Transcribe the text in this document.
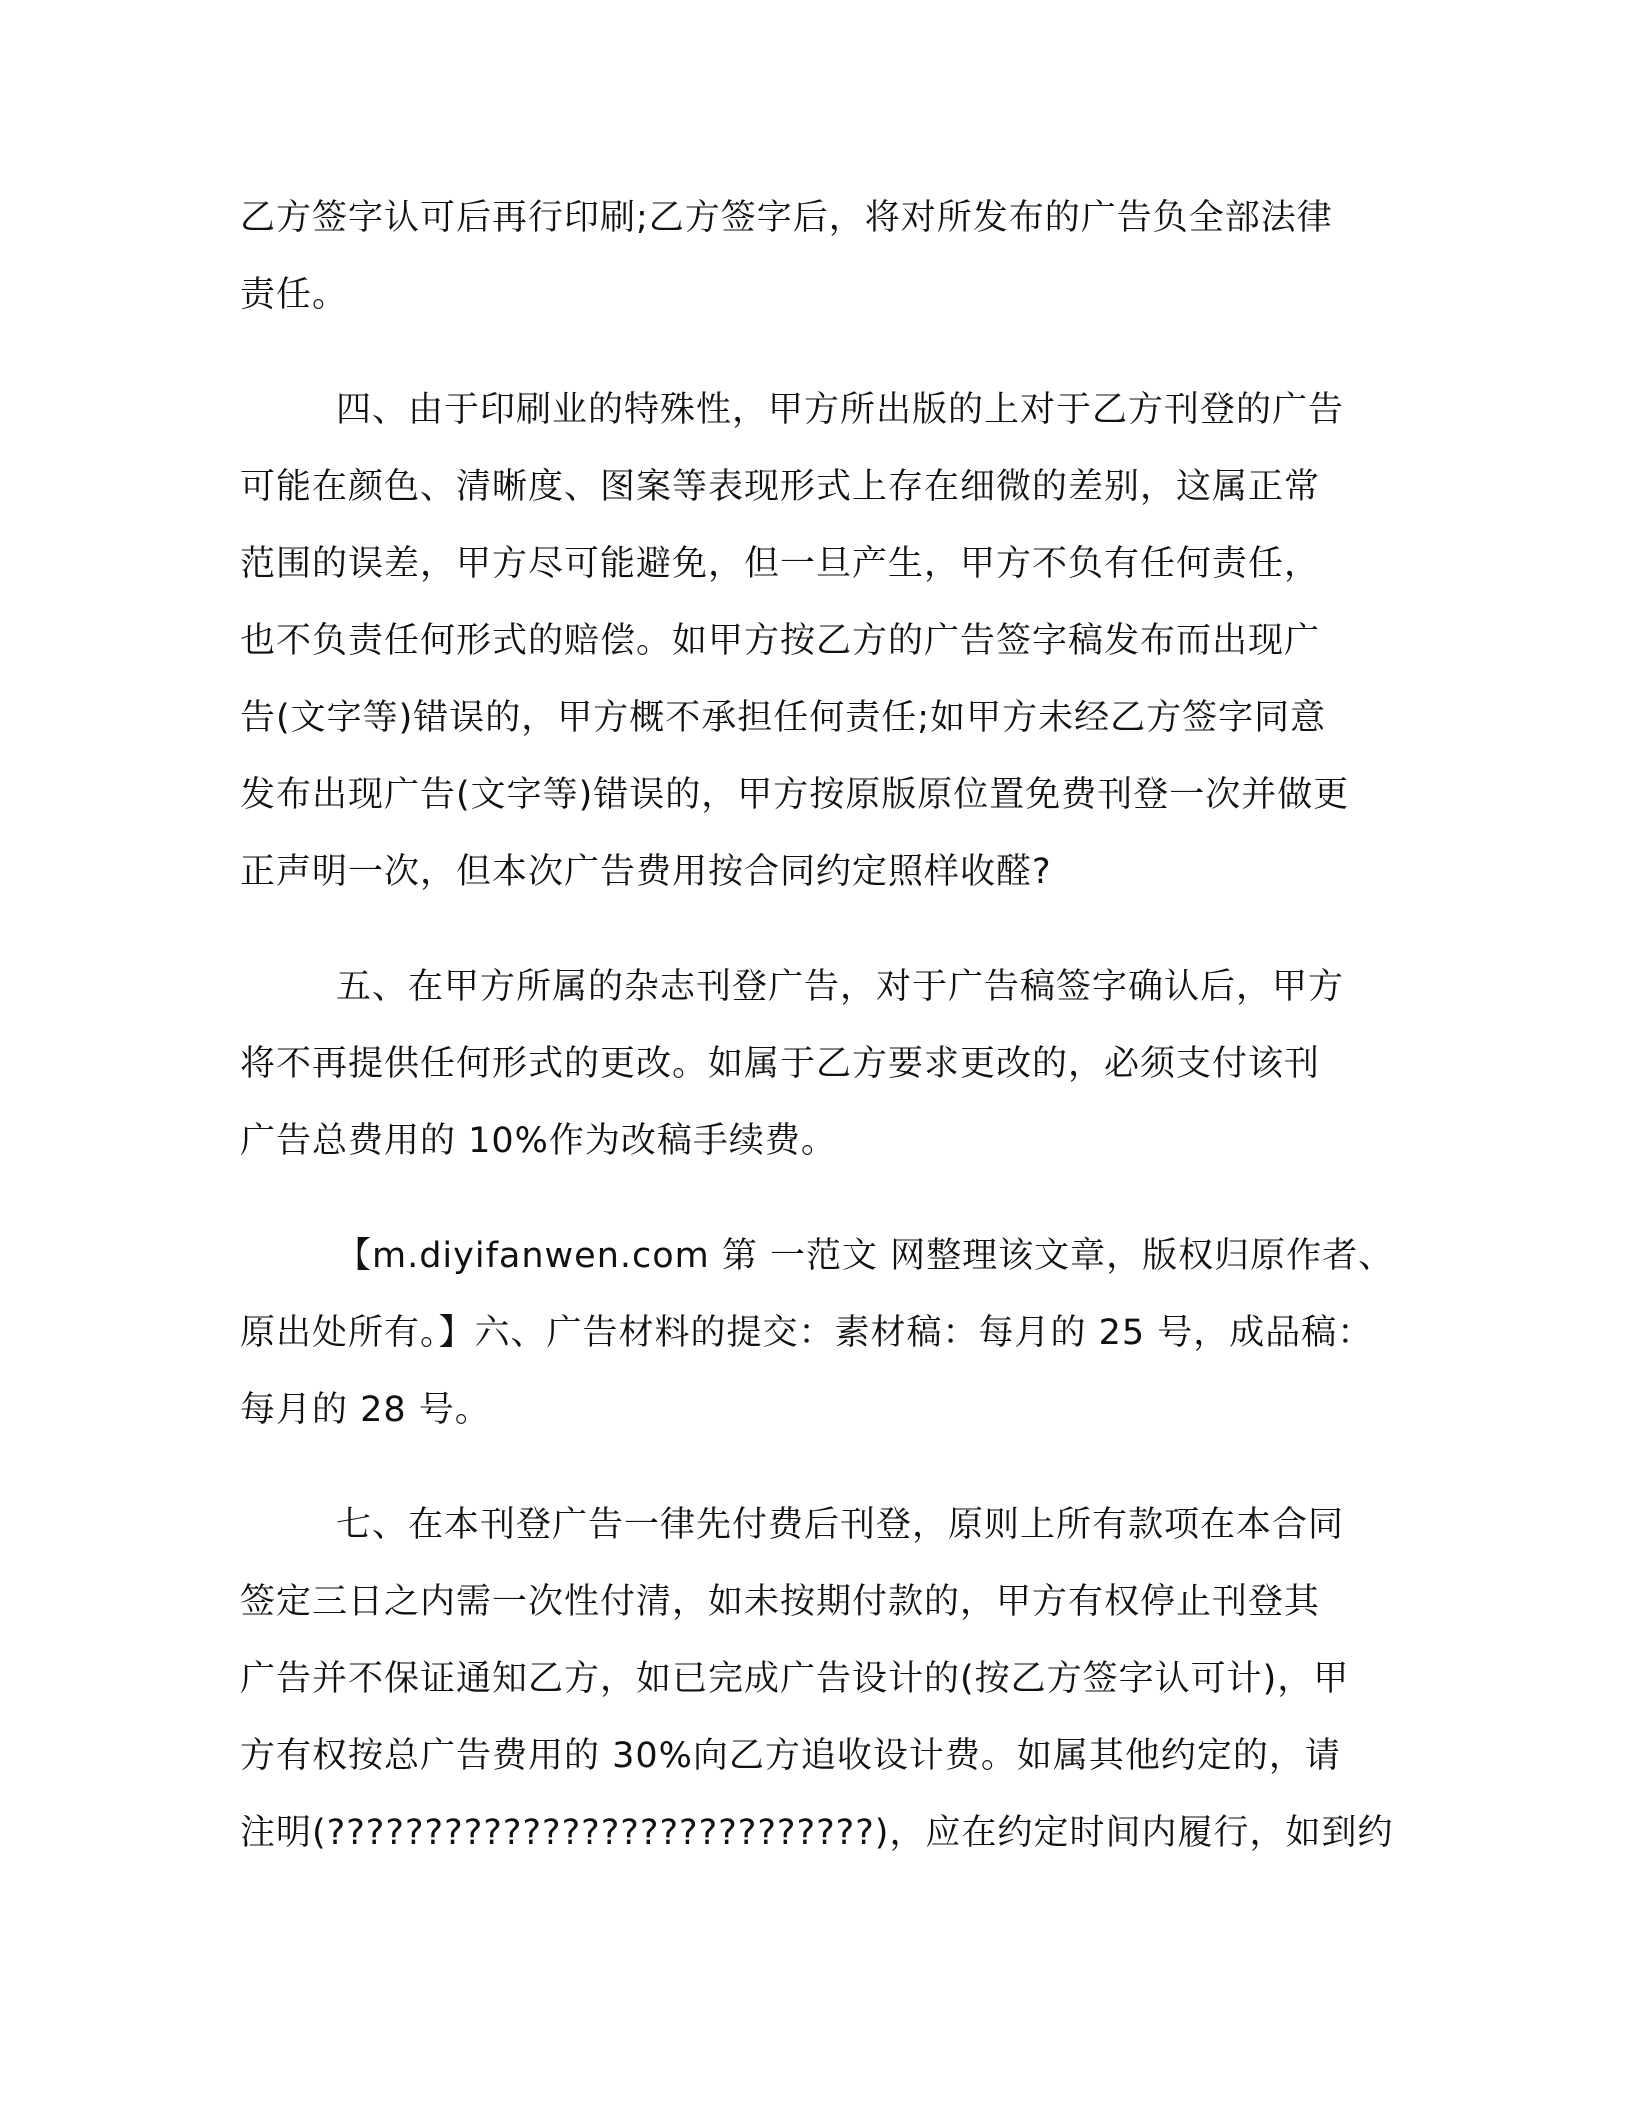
乙方签字认可后再行印刷;乙方签字后，将对所发布的广告负全部法律
责任。

四、由于印刷业的特殊性，甲方所出版的上对于乙方刊登的广告
可能在颜色、清晰度、图案等表现形式上存在细微的差别，这属正常
范围的误差，甲方尽可能避免，但一旦产生，甲方不负有任何责任，
也不负责任何形式的赔偿。如甲方按乙方的广告签字稿发布而出现广
告(文字等)错误的，甲方概不承担任何责任;如甲方未经乙方签字同意
发布出现广告(文字等)错误的，甲方按原版原位置免费刊登一次并做更
正声明一次，但本次广告费用按合同约定照样收醛?

五、在甲方所属的杂志刊登广告，对于广告稿签字确认后，甲方
将不再提供任何形式的更改。如属于乙方要求更改的，必须支付该刊
广告总费用的 10%作为改稿手续费。

【m.diyifanwen.com 第 一范文 网整理该文章，版权归原作者、
原出处所有。】六、广告材料的提交：素材稿：每月的 25 号，成品稿：
每月的 28 号。

七、在本刊登广告一律先付费后刊登，原则上所有款项在本合同
签定三日之内需一次性付清，如未按期付款的，甲方有权停止刊登其
广告并不保证通知乙方，如已完成广告设计的(按乙方签字认可计)，甲
方有权按总广告费用的 30%向乙方追收设计费。如属其他约定的，请
注明(????????????????????????????)，应在约定时间内履行，如到约
